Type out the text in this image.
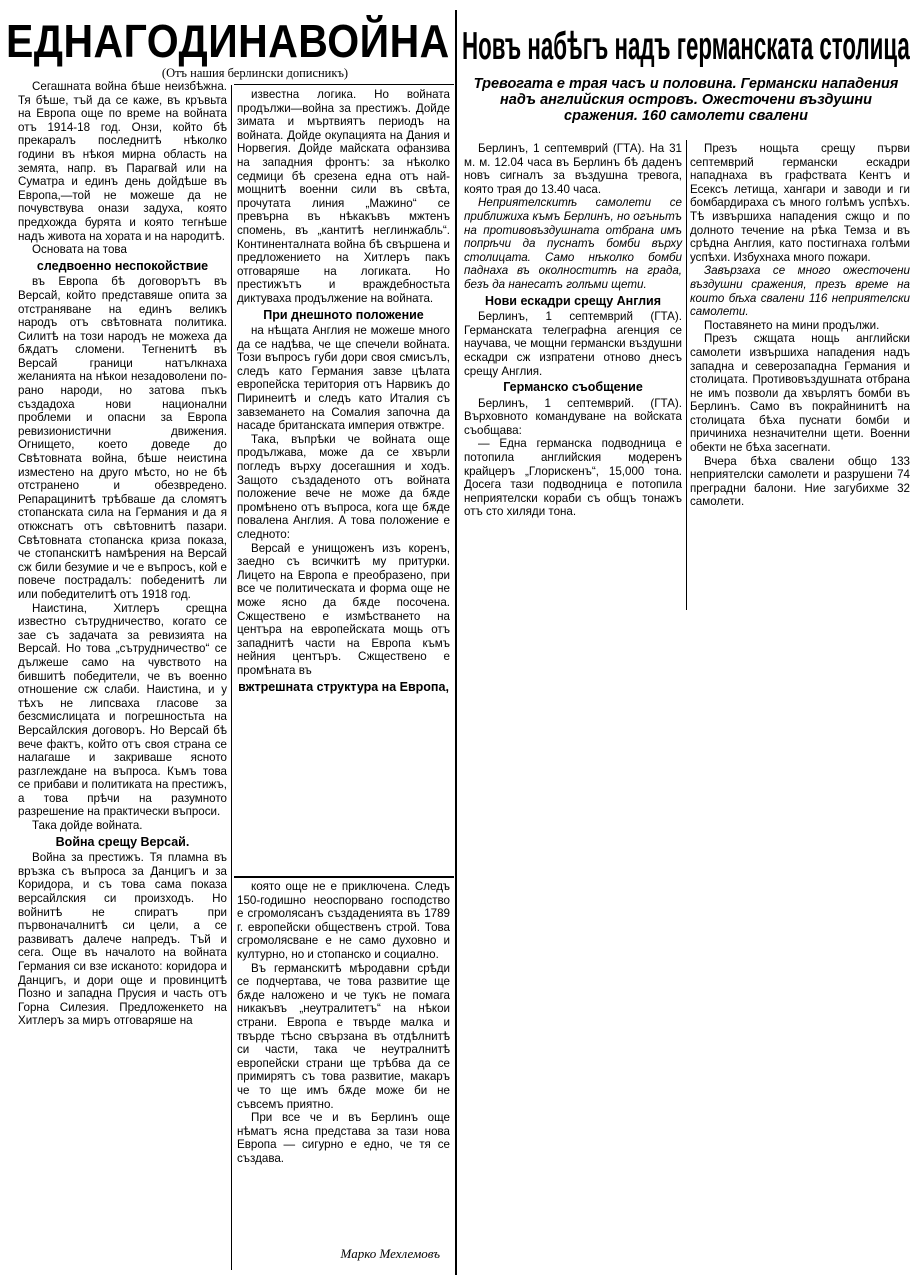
ЕДНАГОДИНАВОЙНА
(Отъ нашия берлински дописникъ)
Новъ набѣгъ надъ германската столица
Тревогата е трая часъ и половина. Германски нападения надъ английския островъ. Ожесточени въздушни сражения. 160 самолети свалени

Сегашната война бѣше неизбѣжна. Тя бѣше, тъй да се каже, въ кръвьта на Европа още по време на войната отъ 1914-18 год. Онзи, който бѣ прекаралъ последнитѣ нѣколко години въ нѣкоя мирна область на земята, напр. въ Парагвай или на Суматра и единъ день дойдѣше въ Европа,—той не можеше да не почувствува онази задуха, която предхожда бурята и която тегнѣше надъ живота на хората и на народитѣ.

Основата на това

следвоенно неспокойствие

въ Европа бѣ договорътъ въ Версай, който представяше опита за отстраняване на единъ великъ народъ отъ свѣтовната политика. Силитѣ на този народъ не можеха да бѫдатъ сломени. Тегненитѣ въ Версай граници натълкнаха желанията на нѣкои незадоволени по-рано народи, но затова пъкъ създадоха нови национални проблеми и опасни за Европа ревизионистични движения. Огнището, което доведе до Свѣтовната война, бѣше неистина изместено на друго мѣсто, но не бѣ отстранено и обезвредено. Репарацинитѣ трѣбваше да сломятъ стопанската сила на Германия и да я откжснатъ отъ свѣтовнитѣ пазари. Свѣтовната стопанска криза показа, че стопанскитѣ намѣрения на Версай сж били безумие и че е въпросъ, кой е повече пострадалъ: победенитѣ ли или победителитѣ отъ 1918 год.

Наистина, Хитлеръ срещна известно сътрудничество, когато се зае съ задачата за ревизията на Версай. Но това „сътрудничество“ се дължеше само на чувството на бившитѣ победители, че въ военно отношение сж слаби. Наистина, и у тѣхъ не липсваха гласове за безсмислицата и погрешностьта на Версайлския договоръ. Но Версай бѣ вече фактъ, който отъ своя страна се налагаше и закриваше ясното разглеждане на въпроса. Къмъ това се прибави и политиката на престижъ, а това прѣчи на разумното разрешение на практически въпроси.

Така дойде войната.

Война срещу Версай.

Война за престижъ. Тя пламна въ връзка съ въпроса за Данцигъ и за Коридора, и съ това сама показа версайлския си произходъ. Но войнитѣ не спиратъ при първоначалнитѣ си цели, а се развиватъ далече напредъ. Тъй и сега. Още въ началото на войната Германия си взе исканото: коридора и Данцигъ, и дори още и провинцитѣ Позно и западна Прусия и часть отъ Горна Силезия. Предложенкето на Хитлеръ за миръ отговаряше на

известна логика. Но войната продължи—война за престижъ. Дойде зимата и мъртвиятъ периодъ на войната. Дойде окупацията на Дания и Норвегия. Дойде майската офанзива на западния фронтъ: за нѣколко седмици бѣ срезена една отъ най-мощнитѣ военни сили въ свѣта, прочутата линия „Мажино“ се превърна въ нѣкакъвъ мжтенъ спомень, въ „кантитѣ неглинжабль“. Континенталната война бѣ свършена и предложението на Хитлеръ пакъ отговаряше на логиката. Но престижътъ и враждебностьта диктуваха продължение на войната.

При днешното положение

на нѣщата Англия не можеше много да се надѣва, че ще спечели войната. Този въпросъ губи дори своя смисълъ, следъ като Германия завзе цѣлата европейска територия отъ Нарвикъ до Пиринеитѣ и следъ като Италия съ завземането на Сомалия започна да насаде британската империя отвжтре.

Така, въпрѣки че войната още продължава, може да се хвърли погледъ върху досегашния и ходъ. Защото създаденото отъ войната положение вече не може да бѫде промѣнено отъ въпроса, кога ще бѫде повалена Англия. А това положение е следното:

Версай е унищоженъ изъ коренъ, заедно съ всичкитѣ му притурки. Лицето на Европа е преобразено, при все че политическата и форма още не може ясно да бѫде посочена. Сжществено е измѣстването на центъра на европейската мощь отъ западнитѣ части на Европа къмъ нейния центъръ. Сжществено е промѣната въ

вжтрешната структура на Европа,

която още не е приключена. Следъ 150-годишно неоспорвано господство е сгромолясанъ създаденията въ 1789 г. европейски общественъ строй. Това сгромолясване е не само духовно и културно, но и стопанско и социално.

Въ германскитѣ мѣродавни срѣди се подчертава, че това развитие ще бѫде наложено и че тукъ не помага никакъвъ „неутралитетъ“ на нѣкои страни. Европа е твърде малка и твърде тѣсно свързана въ отдѣлнитѣ си части, така че неутралнитѣ европейски страни ще трѣбва да се примирятъ съ това развитие, макаръ че то ще имъ бѫде може би не съвсемъ приятно.

При все че и въ Берлинъ още нѣматъ ясна представа за тази нова Европа — сигурно е едно, че тя се създава.

Берлинъ, 1 септемврий (ГТА). На 31 м. м. 12.04 часа въ Берлинъ бѣ даденъ новъ сигналъ за въздушна тревога, която трая до 13.40 часа.

Неприятелскитѣ самолети се приближиха къмъ Берлинъ, но огъньтъ на противовъздушната отбрана имъ попрѣчи да пуснатъ бомби върху столицата. Само нѣколко бомби паднаха въ околноститѣ на града, безъ да нанесатъ голѣми щети.

Нови ескадри срещу Англия

Берлинъ, 1 септемврий (ГТА). Германската телеграфна агенция се научава, че мощни германски въздушни ескадри сж изпратени отново днесъ срещу Англия.

Германско съобщение

Берлинъ, 1 септемврий. (ГТА). Върховното командуване на войската съобщава:

— Една германска подводница е потопила английския модеренъ крайцеръ „Глорискенъ“, 15,000 тона. Досега тази подводница е потопила неприятелски кораби съ общъ тонажъ отъ сто хиляди тона.

Презъ нощьта срещу първи септемврий германски ескадри нападнаха въ графствата Кентъ и Есексъ летища, хангари и заводи и ги бомбардираха съ много голѣмъ успѣхъ. Тѣ извършиха нападения сжщо и по долното течение на рѣка Темза и въ срѣдна Англия, като постигнаха голѣми успѣхи. Избухнаха много пожари.

Завързаха се много ожесточени въздушни сражения, презъ време на които бѣха свалени 116 неприятелски самолети.

Поставянето на мини продължи.

Презъ сжщата нощь английски самолети извършиха нападения надъ западна и северозападна Германия и столицата. Противовъздушната отбрана не имъ позволи да хвърлятъ бомби въ Берлинъ. Само въ покрайнинитѣ на столицата бѣха пуснати бомби и причиниха незначителни щети. Военни обекти не бѣха засегнати.

Вчера бѣха свалени общо 133 неприятелски самолети и разрушени 74 преградни балони. Ние загубихме 32 самолети.

Марко Мехлемовъ
